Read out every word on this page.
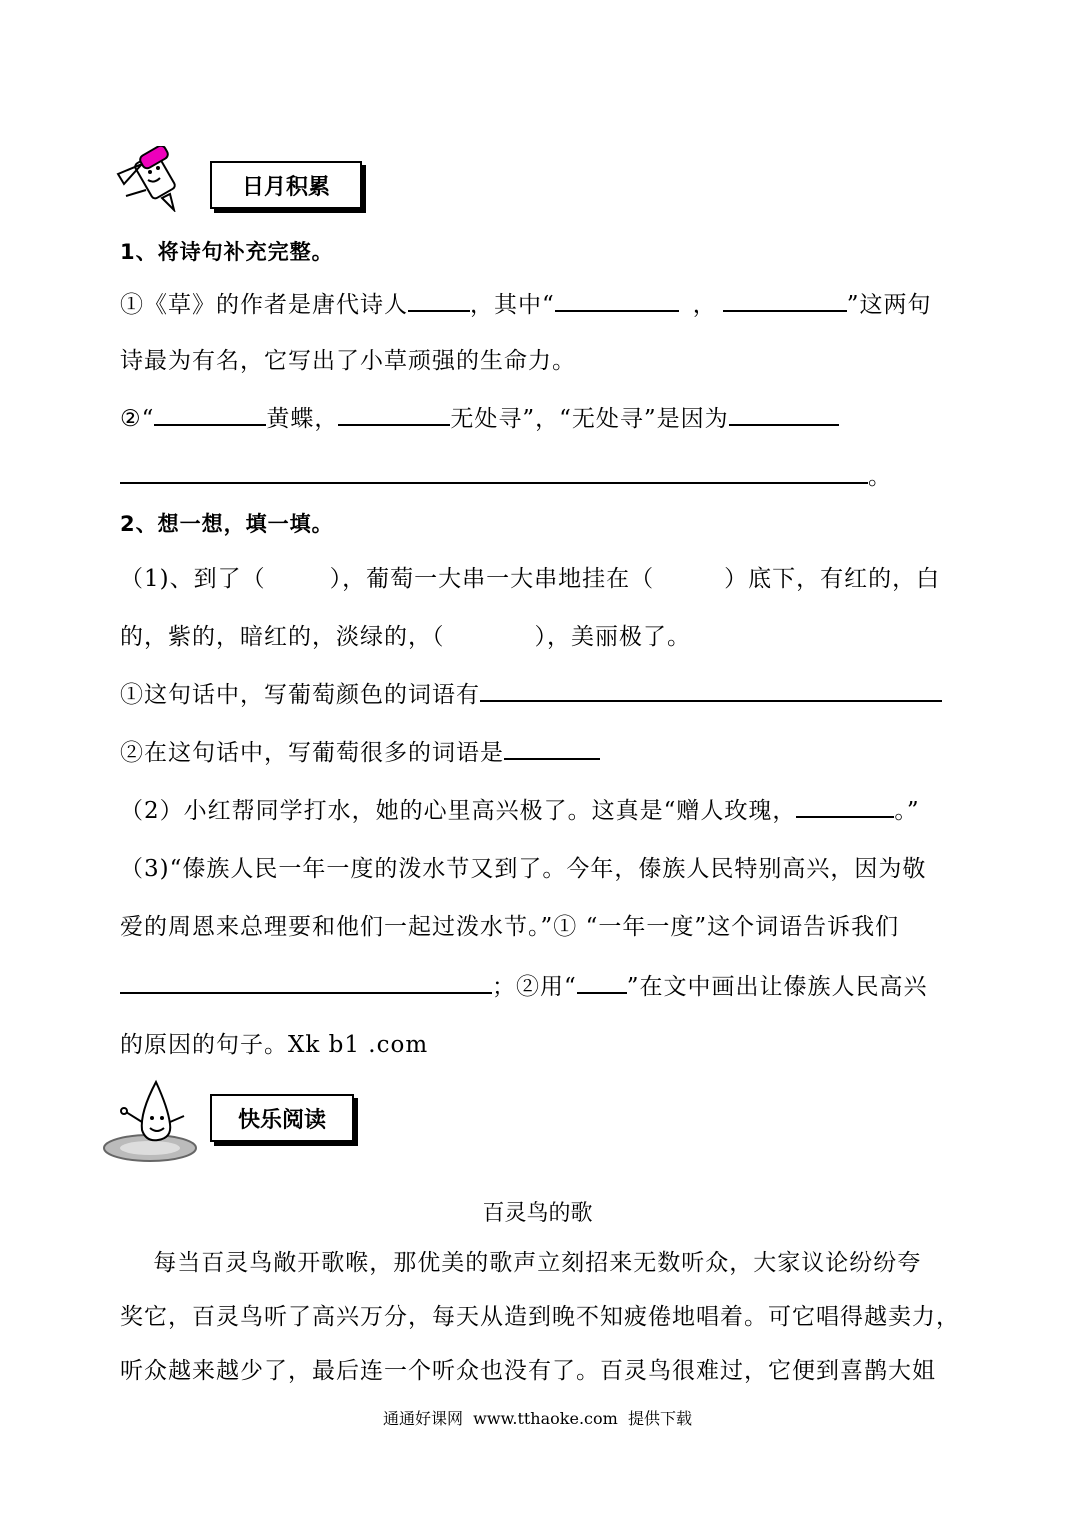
日月积累
1、将诗句补充完整。
①《草》的作者是唐代诗人	，其中“	，	”这两句
诗最为有名，它写出了小草顽强的生命力。
②“	黄蝶，	无处寻”，“无处寻”是因为
。
2、想一想，填一填。
（1)、到了（	），葡萄一大串一大串地挂在（	）底下，有红的，白
的，紫的，暗红的，淡绿的，（	），美丽极了。
①这句话中，写葡萄颜色的词语有
②在这句话中，写葡萄很多的词语是
（2）小红帮同学打水，她的心里高兴极了。这真是“赠人玫瑰，	。”
（3)“傣族人民一年一度的泼水节又到了。今年，傣族人民特别高兴，因为敬
爱的周恩来总理要和他们一起过泼水节。”① “一年一度”这个词语告诉我们
；②用“ ”在文中画出让傣族人民高兴
的原因的句子。Xk b1 .com
快乐阅读
百灵鸟的歌
每当百灵鸟敞开歌喉，那优美的歌声立刻招来无数听众，大家议论纷纷夸
奖它，百灵鸟听了高兴万分，每天从造到晚不知疲倦地唱着。可它唱得越卖力，
听众越来越少了，最后连一个听众也没有了。百灵鸟很难过，它便到喜鹊大姐
通通好课网  www.tthaoke.com  提供下载
